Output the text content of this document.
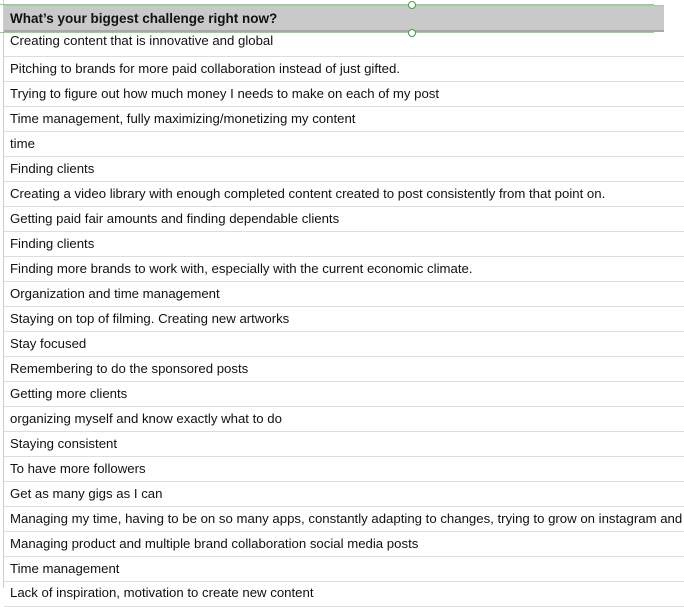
What’s your biggest challenge right now?
Creating content that is innovative and global
Pitching to brands for more paid collaboration instead of just gifted.
Trying to figure out how much money I needs to make on each of my post
Time management, fully maximizing/monetizing my content
time
Finding clients
Creating a video library with enough completed content created to post consistently from that point on.
Getting paid fair amounts and finding dependable clients
Finding clients
Finding more brands to work with, especially with the current economic climate.
Organization and time management
Staying on top of filming. Creating new artworks
Stay focused
Remembering to do the sponsored posts
Getting more clients
organizing myself and know exactly what to do
Staying consistent
To have more followers
Get as many gigs as I can
Managing my time, having to be on so many apps, constantly adapting to changes, trying to grow on instagram and
Managing product and multiple brand collaboration social media posts
Time management
Lack of inspiration, motivation to create new content
